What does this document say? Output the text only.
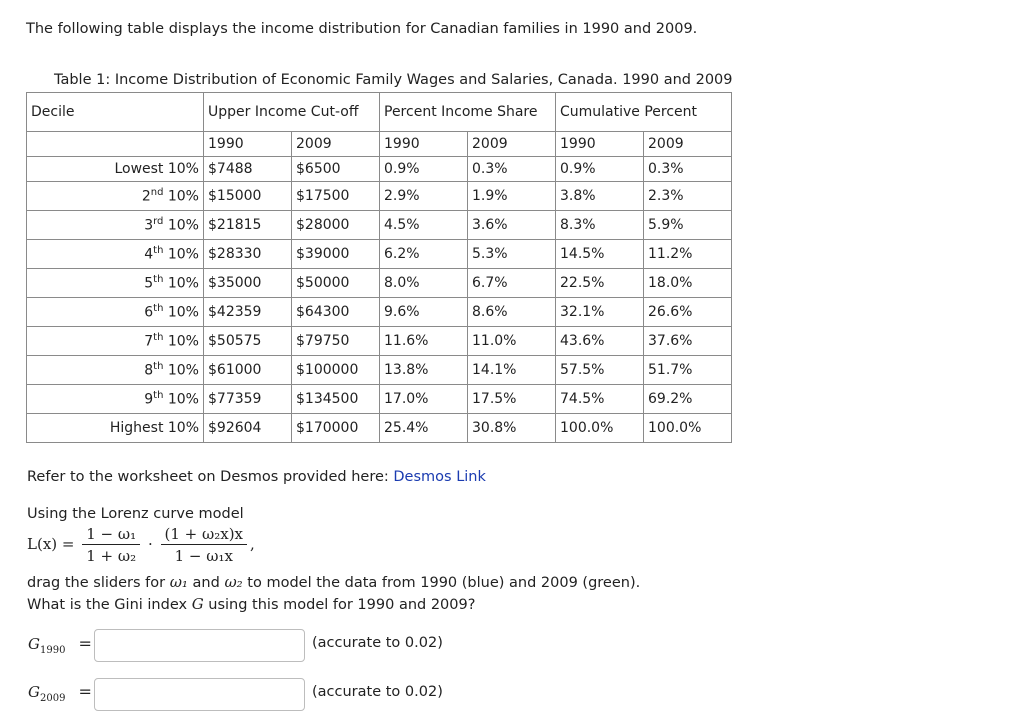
The following table displays the income distribution for Canadian families in 1990 and 2009.
Table 1: Income Distribution of Economic Family Wages and Salaries, Canada. 1990 and 2009
Decile	Upper Income Cut-off		Percent Income Share		Cumulative Percent	
	1990	2009	1990	2009	1990	2009
Lowest 10%	$7488	$6500	0.9%	0.3%	0.9%	0.3%
2nd 10%	$15000	$17500	2.9%	1.9%	3.8%	2.3%
3rd 10%	$21815	$28000	4.5%	3.6%	8.3%	5.9%
4th 10%	$28330	$39000	6.2%	5.3%	14.5%	11.2%
5th 10%	$35000	$50000	8.0%	6.7%	22.5%	18.0%
6th 10%	$42359	$64300	9.6%	8.6%	32.1%	26.6%
7th 10%	$50575	$79750	11.6%	11.0%	43.6%	37.6%
8th 10%	$61000	$100000	13.8%	14.1%	57.5%	51.7%
9th 10%	$77359	$134500	17.0%	17.5%	74.5%	69.2%
Highest 10%	$92604	$170000	25.4%	30.8%	100.0%	100.0%
Refer to the worksheet on Desmos provided here: Desmos Link
Using the Lorenz curve model
$L(x) = \frac{\text{1 − ω₁}}{\text{1 + ω₂}} \cdot \frac{\text{(1 + ω₂x)x}}{\text{1 − ω₁x}}$ ,
drag the sliders for ω₁ and ω₂ to model the data from 1990 (blue) and 2009 (green).
What is the Gini index G using this model for 1990 and 2009?
$G_{1990}$ =	(accurate to 0.02)
$G_{2009}$ =	(accurate to 0.02)
